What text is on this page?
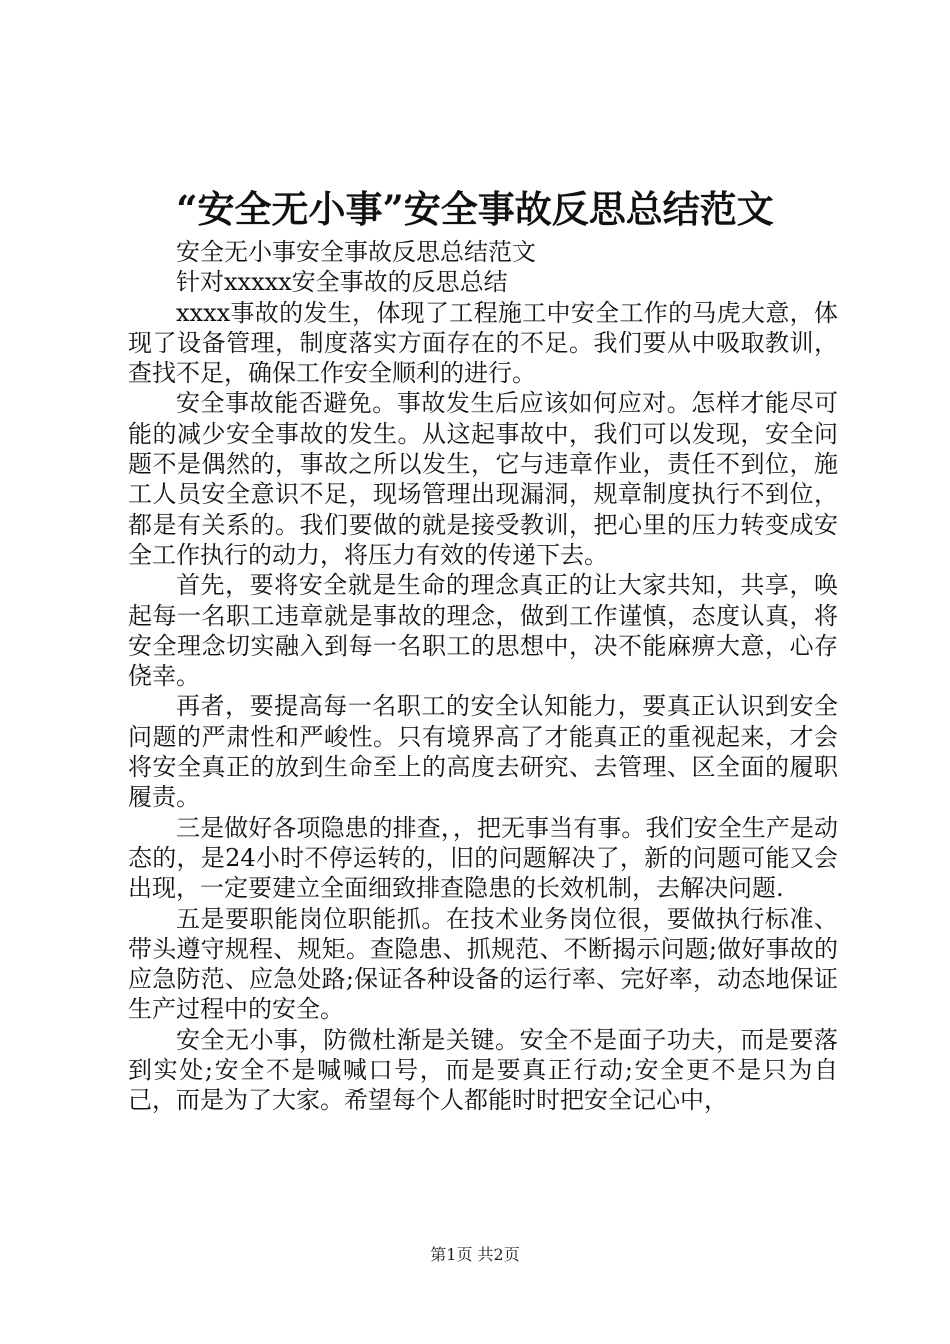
“安全无小事”安全事故反思总结范文

安全无小事安全事故反思总结范文

针对xxxxx安全事故的反思总结

xxxx事故的发生，体现了工程施工中安全工作的马虎大意，体现了设备管理，制度落实方面存在的不足。我们要从中吸取教训，查找不足，确保工作安全顺利的进行。

安全事故能否避免。事故发生后应该如何应对。怎样才能尽可能的减少安全事故的发生。从这起事故中，我们可以发现，安全问题不是偶然的，事故之所以发生，它与违章作业，责任不到位，施工人员安全意识不足，现场管理出现漏洞，规章制度执行不到位，都是有关系的。我们要做的就是接受教训，把心里的压力转变成安全工作执行的动力，将压力有效的传递下去。

首先，要将安全就是生命的理念真正的让大家共知，共享，唤起每一名职工违章就是事故的理念，做到工作谨慎，态度认真，将安全理念切实融入到每一名职工的思想中，决不能麻痹大意，心存侥幸。

再者，要提高每一名职工的安全认知能力，要真正认识到安全问题的严肃性和严峻性。只有境界高了才能真正的重视起来，才会将安全真正的放到生命至上的高度去研究、去管理、区全面的履职履责。

三是做好各项隐患的排查，，把无事当有事。我们安全生产是动态的，是24小时不停运转的，旧的问题解决了，新的问题可能又会出现，一定要建立全面细致排查隐患的长效机制，去解决问题.

五是要职能岗位职能抓。在技术业务岗位很，要做执行标准、带头遵守规程、规矩。查隐患、抓规范、不断揭示问题;做好事故的应急防范、应急处路;保证各种设备的运行率、完好率，动态地保证生产过程中的安全。

安全无小事，防微杜渐是关键。安全不是面子功夫，而是要落到实处;安全不是喊喊口号，而是要真正行动;安全更不是只为自己，而是为了大家。希望每个人都能时时把安全记心中，

第1页 共2页
